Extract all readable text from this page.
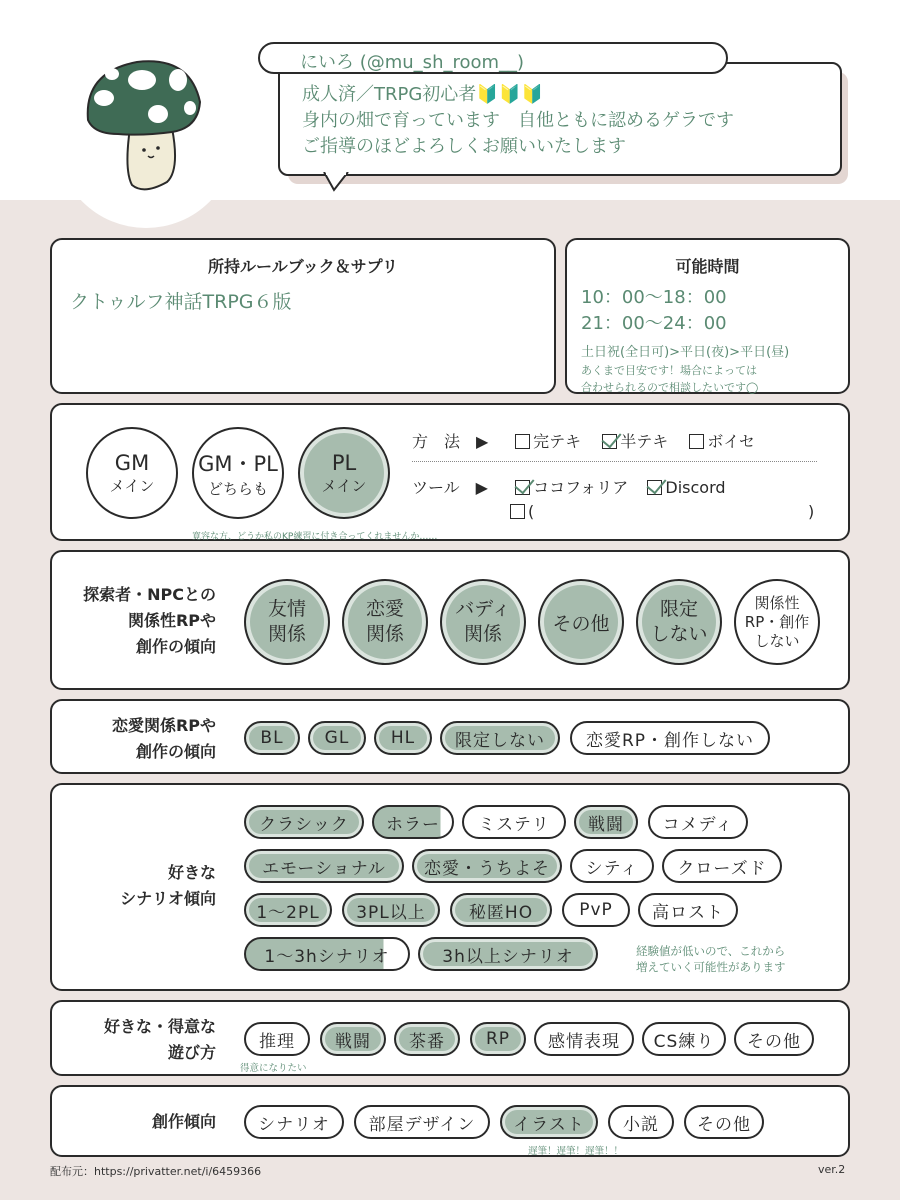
にいろ (@mu_sh_room__)
成人済／TRPG初心者🔰🔰🔰
身内の畑で育っています　自他ともに認めるゲラです
ご指導のほどよろしくお願いいたします
所持ルールブック＆サプリ
クトゥルフ神話TRPG６版
可能時間
10：00〜18：00
21：00〜24：00
土日祝(全日可)>平日(夜)>平日(昼)
あくまで目安です！場合によっては
合わせられるので相談したいです◯
GM
メイン
GM・PL
どちらも
PL
メイン
寛容な方、どうか私のKP練習に付き合ってくれませんか……
方　法　▶	完テキ 半テキ ボイセ
ツール　▶	ココフォリア Discord
(	)
探索者・NPCとの
関係性RPや
創作の傾向
友情
関係
恋愛
関係
バディ
関係	その他
限定
しない
関係性
RP・創作
しない
恋愛関係RPや
創作の傾向
BL	GL	HL	限定しない	恋愛RP・創作しない
好きな
シナリオ傾向
クラシック	ホラー	ミステリ	戦闘	コメディ
エモーショナル	恋愛・うちよそ	シティ	クローズド
1〜2PL	3PL以上	秘匿HO	PvP	高ロスト
1〜3hシナリオ	3h以上シナリオ	経験値が低いので、これから
増えていく可能性があります
好きな・得意な
遊び方
推理	戦闘	茶番	RP	感情表現	CS練り	その他
得意になりたい
創作傾向	シナリオ	部屋デザイン	イラスト	小説	その他
遅筆！遅筆！遅筆！！
配布元：https://privatter.net/i/6459366	ver.2
